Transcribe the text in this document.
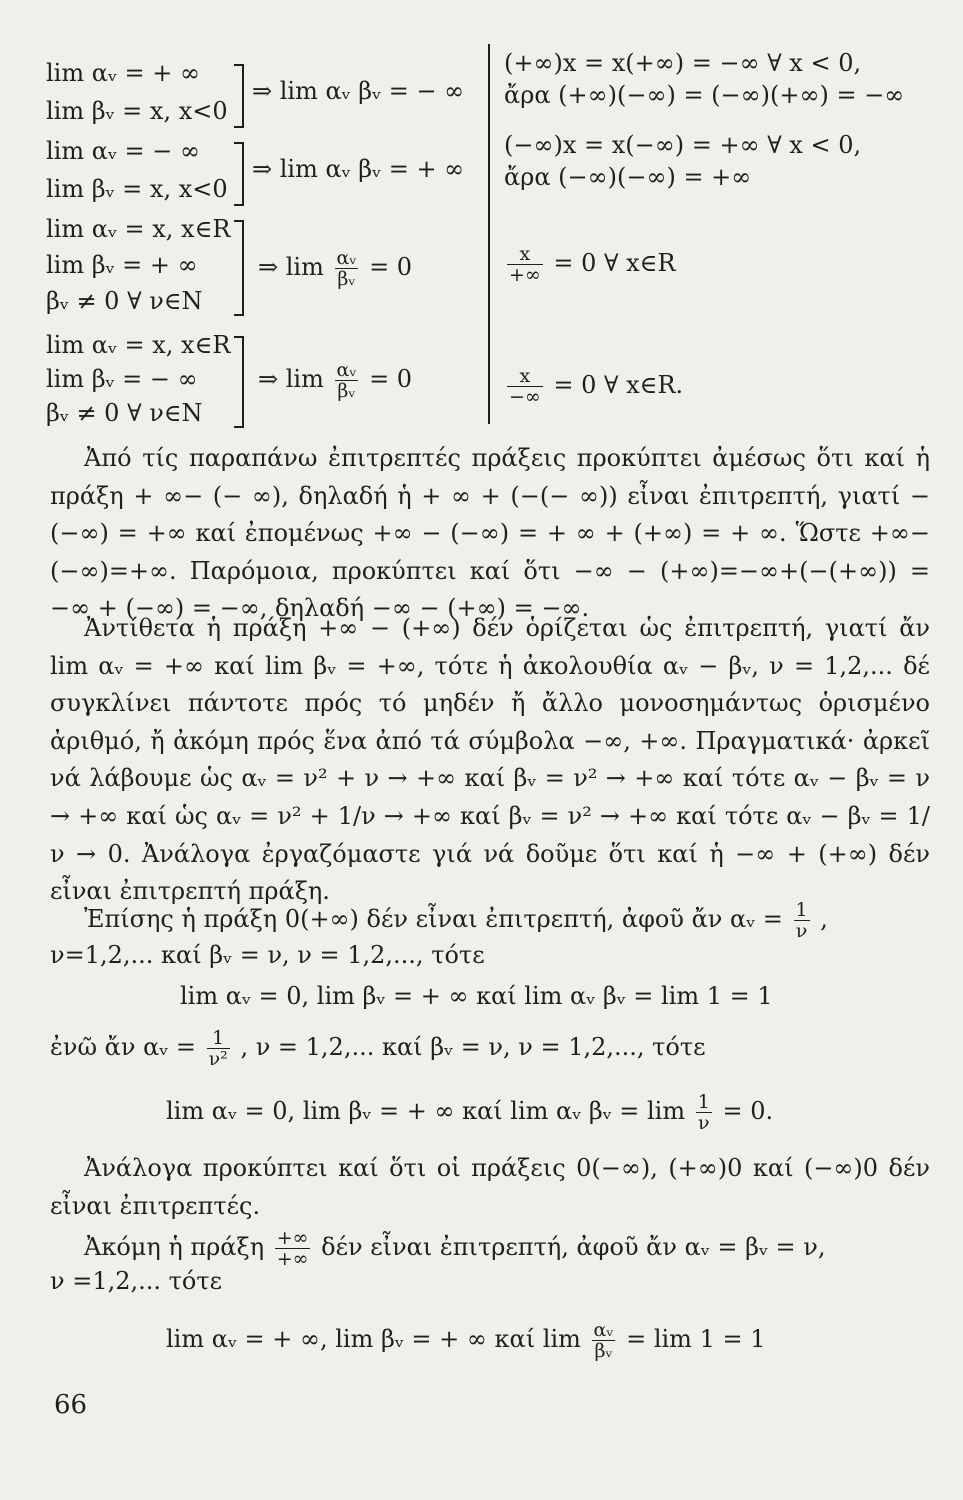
lim αᵥ = + ∞
lim βᵥ = x, x<0
⇒ lim αᵥ βᵥ = − ∞
lim αᵥ = − ∞
lim βᵥ = x, x<0
⇒ lim αᵥ βᵥ = + ∞
lim αᵥ = x, x∈R
lim βᵥ = + ∞
βᵥ ≠ 0 ∀ ν∈N
⇒ $\lim \frac{\text{αᵥ}}{\text{βᵥ}} = 0$
lim αᵥ = x, x∈R
lim βᵥ = − ∞
βᵥ ≠ 0 ∀ ν∈N
⇒ $\lim \frac{\text{αᵥ}}{\text{βᵥ}} = 0$
(+∞)x = x(+∞) = −∞ ∀ x < 0,
ἄρα (+∞)(−∞) = (−∞)(+∞) = −∞
(−∞)x = x(−∞) = +∞ ∀ x < 0,
ἄρα (−∞)(−∞) = +∞
$\frac{x}{+\infty} = 0$ ∀ x∈R
$\frac{x}{-\infty} = 0$ ∀ x∈R.
Ἀπό τίς παραπάνω ἐπιτρεπτές πράξεις προκύπτει ἀμέσως ὅτι καί ἡ πράξη + ∞− (− ∞), δηλαδή ἡ + ∞ + (−(− ∞)) εἶναι ἐπιτρεπτή, γιατί −(−∞) = +∞ καί ἐπομένως +∞ − (−∞) = + ∞ + (+∞) = + ∞. Ὥστε +∞−(−∞)=+∞. Παρόμοια, προκύπτει καί ὅτι −∞ − (+∞)=−∞+(−(+∞)) = −∞ + (−∞) = −∞, δηλαδή −∞ − (+∞) = −∞.
Ἀντίθετα ἡ πράξη +∞ − (+∞) δέν ὁρίζεται ὡς ἐπιτρεπτή, γιατί ἄν lim αᵥ = +∞ καί lim βᵥ = +∞, τότε ἡ ἀκολουθία αᵥ − βᵥ, ν = 1,2,... δέ συγκλίνει πάντοτε πρός τό μηδέν ἤ ἄλλο μονοσημάντως ὁρισμένο ἀριθμό, ἤ ἀκόμη πρός ἕνα ἀπό τά σύμβολα −∞, +∞. Πραγματικά· ἀρκεῖ νά λάβουμε ὡς αᵥ = ν² + ν → +∞ καί βᵥ = ν² → +∞ καί τότε αᵥ − βᵥ = ν → +∞ καί ὡς αᵥ = ν² + 1/ν → +∞ καί βᵥ = ν² → +∞ καί τότε αᵥ − βᵥ = 1/ν → 0. Ἀνάλογα ἐργαζόμαστε γιά νά δοῦμε ὅτι καί ἡ −∞ + (+∞) δέν εἶναι ἐπιτρεπτή πράξη.
Ἐπίσης ἡ πράξη 0(+∞) δέν εἶναι ἐπιτρεπτή, ἀφοῦ ἄν αᵥ = $\frac{1}{\nu}$ ,
ν=1,2,... καί βᵥ = ν, ν = 1,2,..., τότε
lim αᵥ = 0, lim βᵥ = + ∞ καί lim αᵥ βᵥ = lim 1 = 1
ἐνῶ ἄν αᵥ = $\frac{1}{\text{ν²}}$ , ν = 1,2,... καί βᵥ = ν, ν = 1,2,..., τότε
lim αᵥ = 0, lim βᵥ = + ∞ καί lim αᵥ βᵥ = $\lim \frac{1}{\nu} = 0$.
Ἀνάλογα προκύπτει καί ὅτι οἱ πράξεις 0(−∞), (+∞)0 καί (−∞)0 δέν εἶναι ἐπιτρεπτές.
Ἀκόμη ἡ πράξη $\frac{+\infty}{+\infty}$ δέν εἶναι ἐπιτρεπτή, ἀφοῦ ἄν αᵥ = βᵥ = ν,
ν =1,2,... τότε
lim αᵥ = + ∞, lim βᵥ = + ∞ καί $\lim \frac{\text{αᵥ}}{\text{βᵥ}} = \lim 1 = 1$
66
